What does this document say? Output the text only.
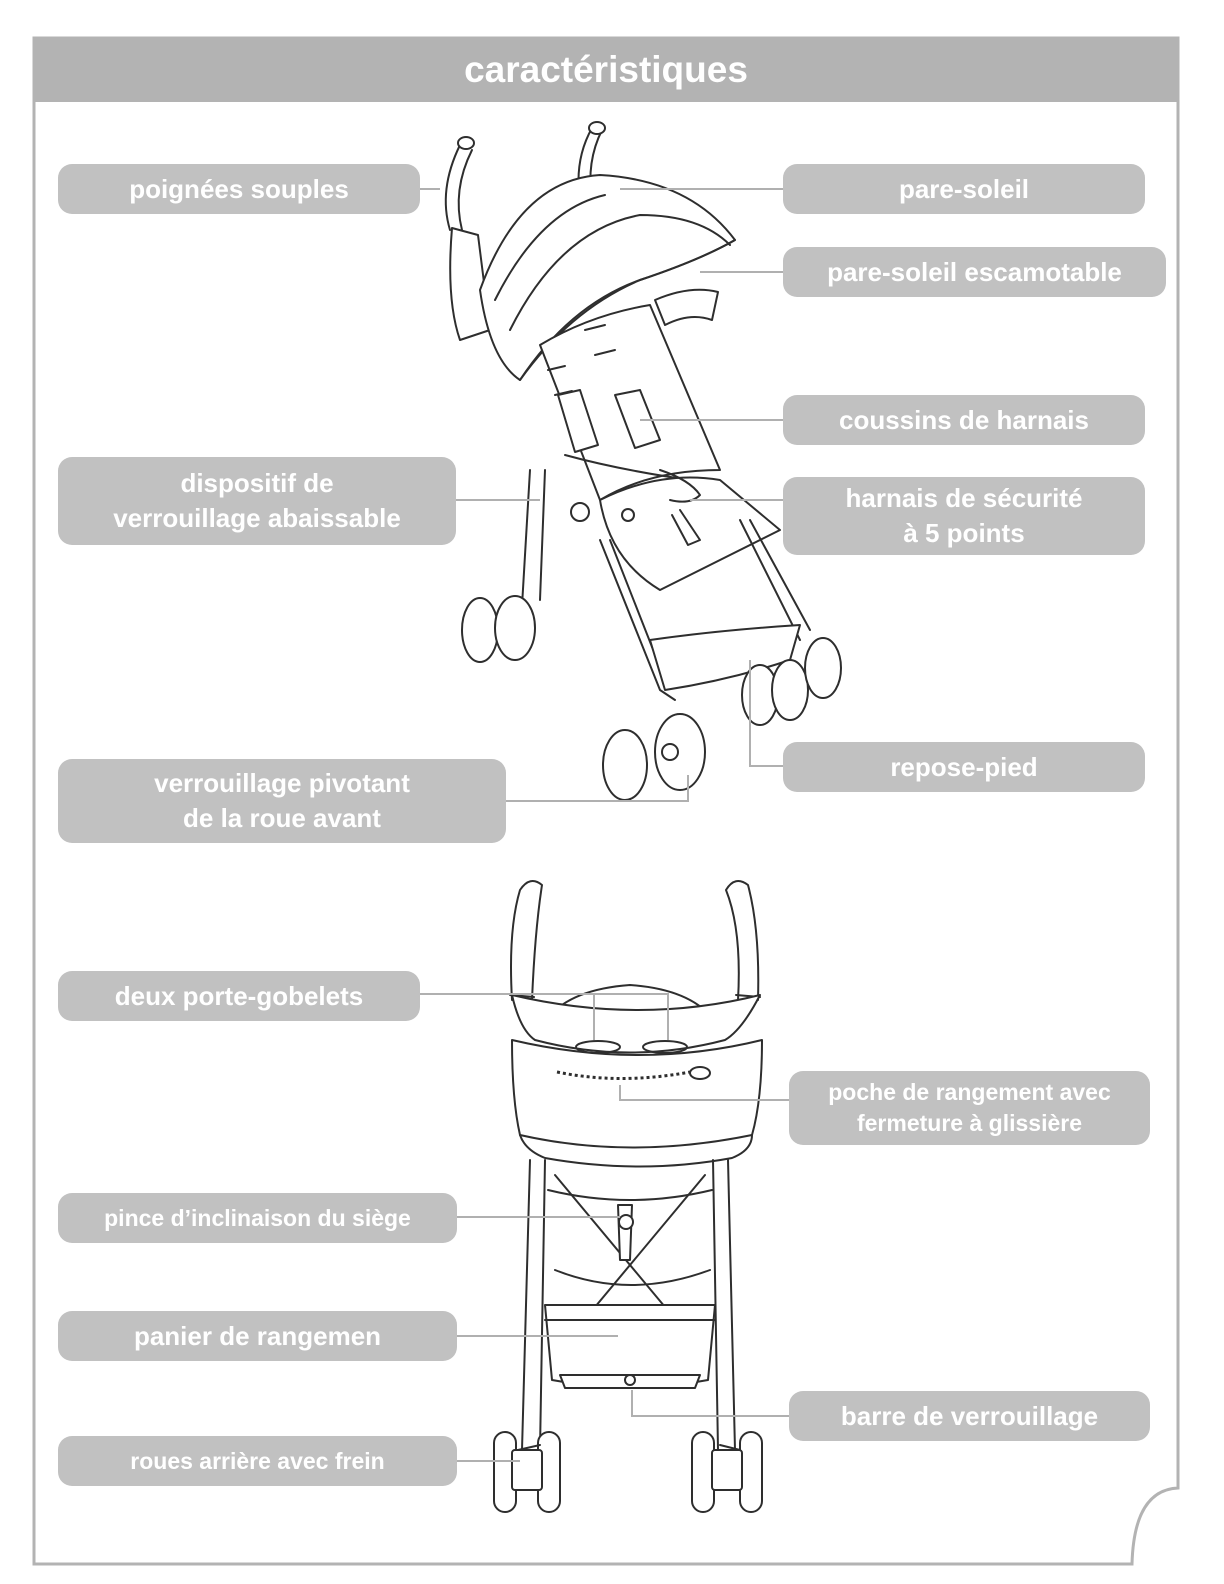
caractéristiques
poignées souples	pare-soleil
pare-soleil escamotable
coussins de harnais
dispositif de
verrouillage abaissable
harnais de sécurité
à 5 points
repose-pied
verrouillage pivotant
de la roue avant
deux porte-gobelets
poche de rangement avec
fermeture à glissière
pince d’inclinaison du siège
panier de rangemen
barre de verrouillage
roues arrière avec frein
